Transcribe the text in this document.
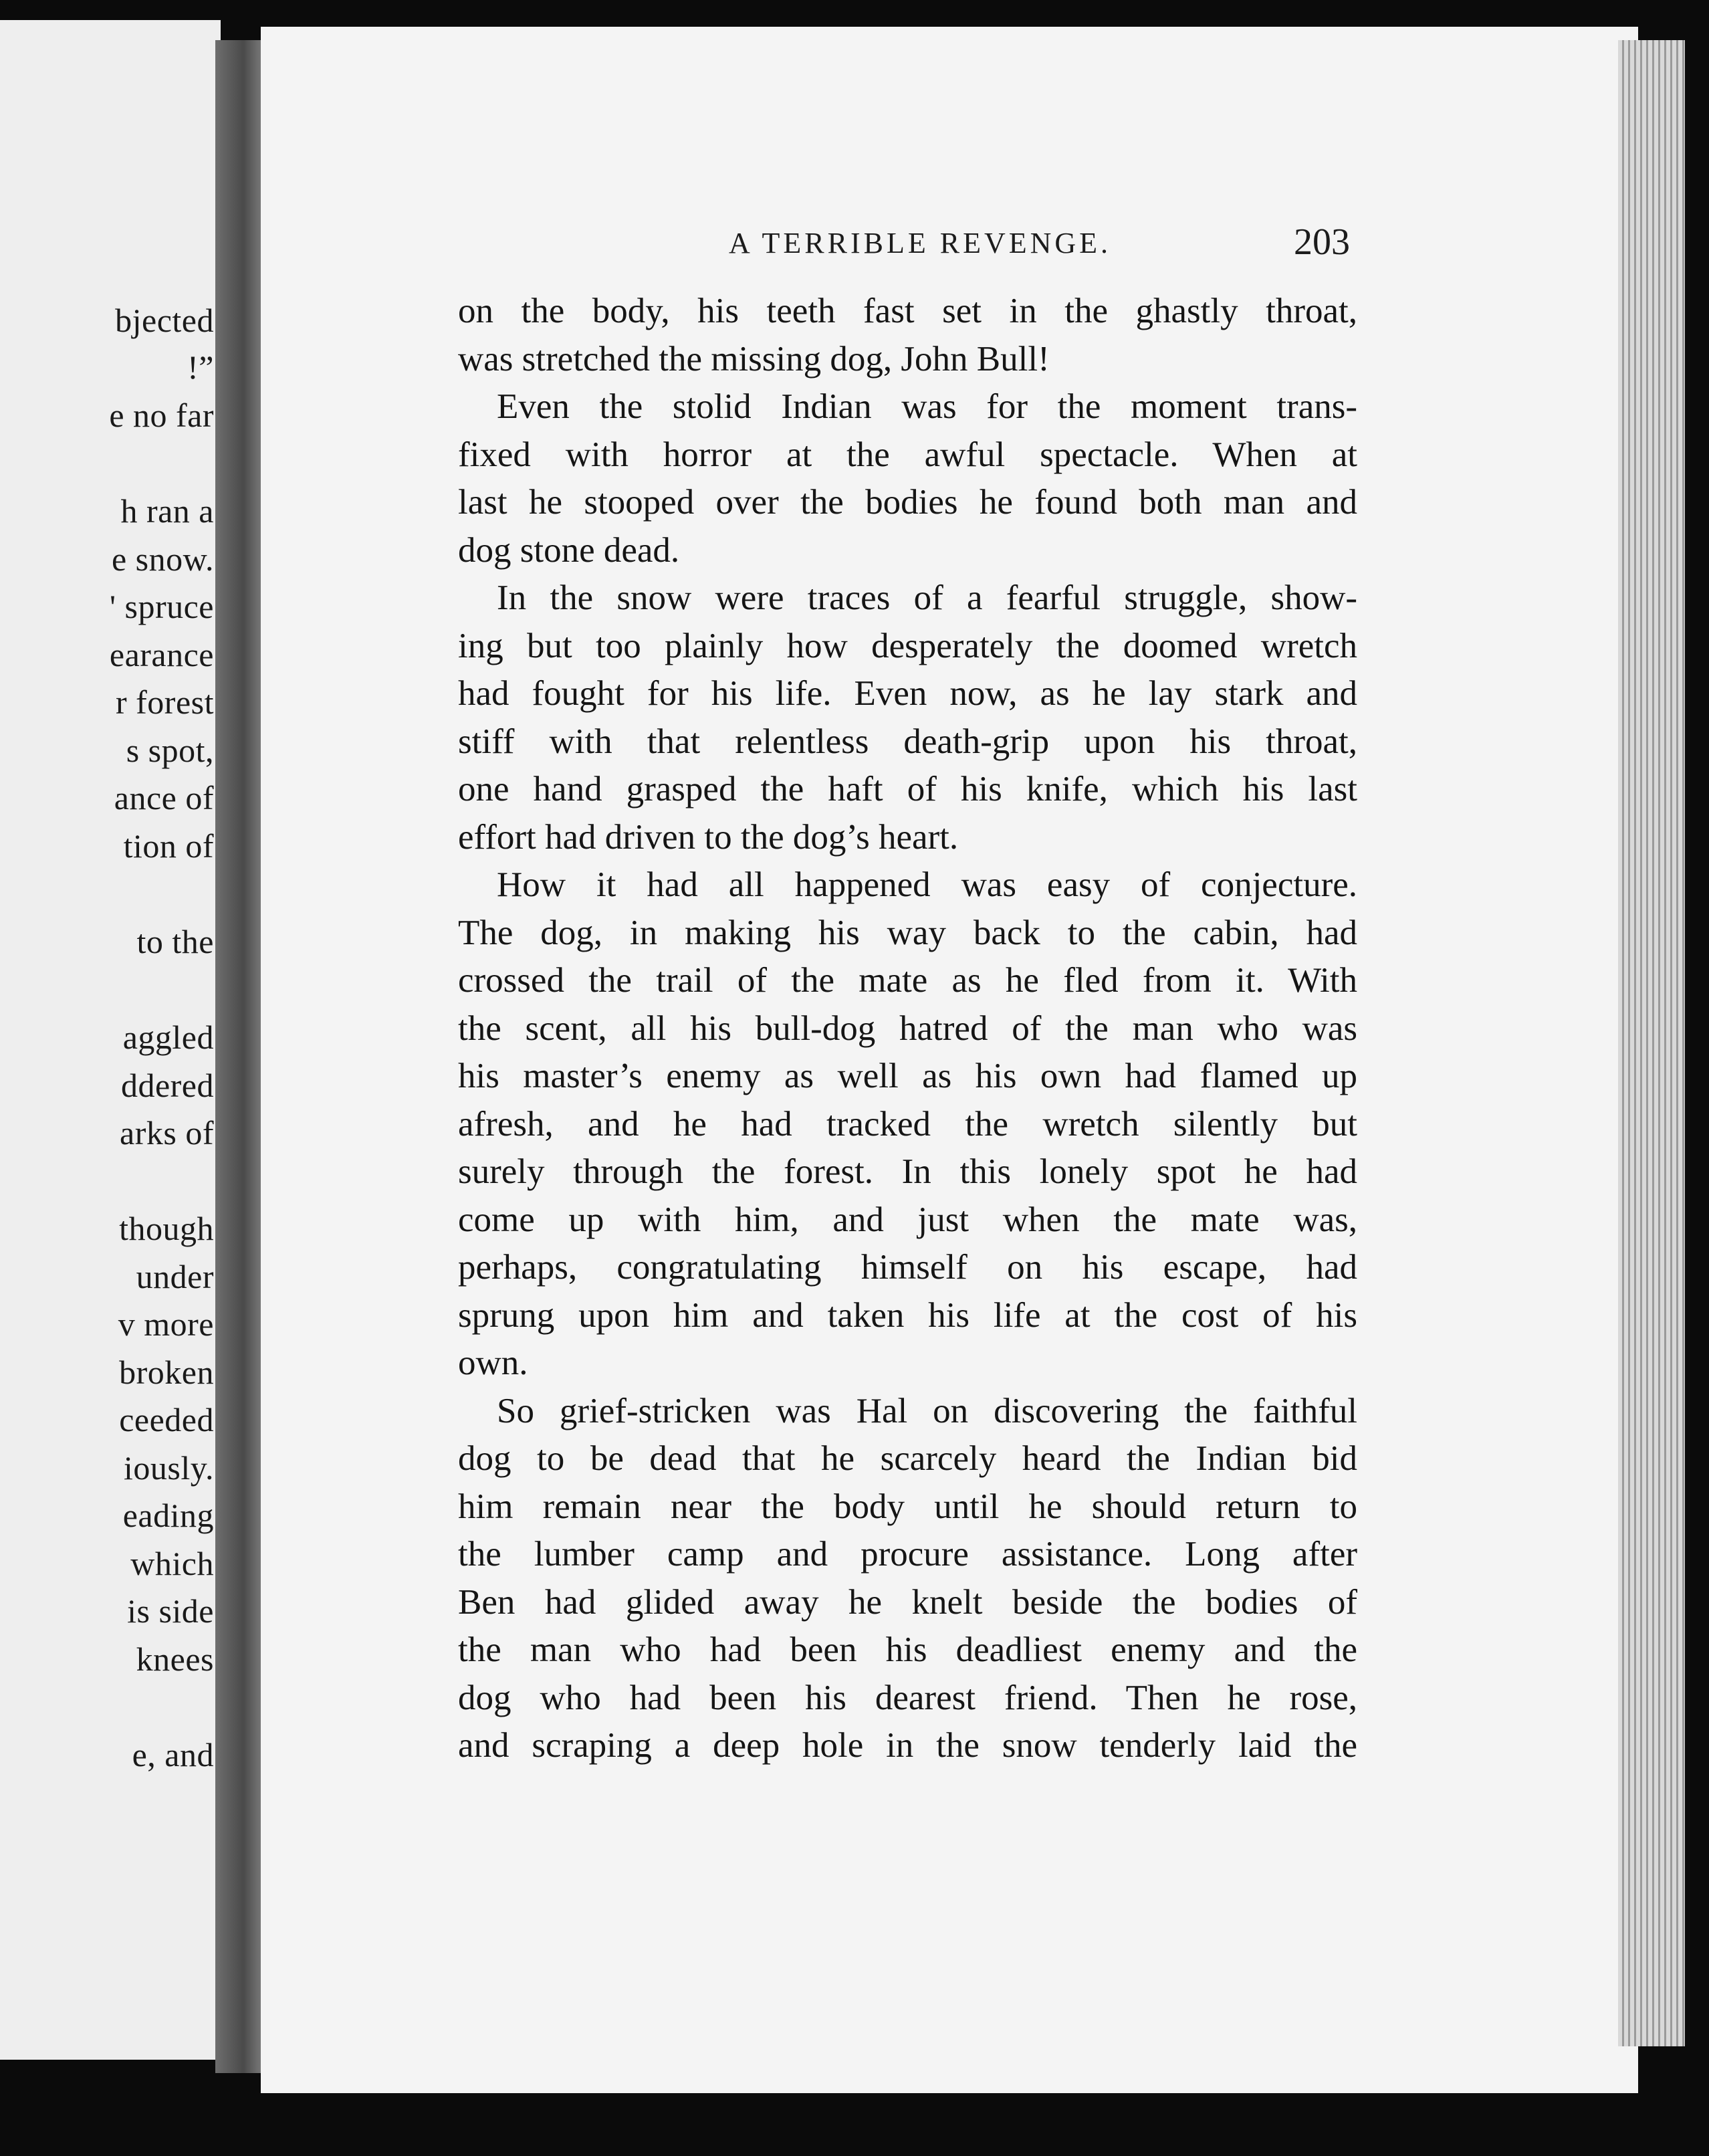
bjected
!”
e no far
h ran a
e snow.
' spruce
earance
r forest
s spot,
ance of
tion of
to the
aggled
ddered
arks of
though
under
v more
broken
ceeded
iously.
eading
which
is side
knees
e, and
A TERRIBLE REVENGE.	203
on the body, his teeth fast set in the ghastly throat,
was stretched the missing dog, John Bull!
Even the stolid Indian was for the moment trans-
fixed with horror at the awful spectacle. When at
last he stooped over the bodies he found both man and
dog stone dead.
In the snow were traces of a fearful struggle, show-
ing but too plainly how desperately the doomed wretch
had fought for his life. Even now, as he lay stark and
stiff with that relentless death-grip upon his throat,
one hand grasped the haft of his knife, which his last
effort had driven to the dog’s heart.
How it had all happened was easy of conjecture.
The dog, in making his way back to the cabin, had
crossed the trail of the mate as he fled from it. With
the scent, all his bull-dog hatred of the man who was
his master’s enemy as well as his own had flamed up
afresh, and he had tracked the wretch silently but
surely through the forest. In this lonely spot he had
come up with him, and just when the mate was,
perhaps, congratulating himself on his escape, had
sprung upon him and taken his life at the cost of his
own.
So grief-stricken was Hal on discovering the faithful
dog to be dead that he scarcely heard the Indian bid
him remain near the body until he should return to
the lumber camp and procure assistance. Long after
Ben had glided away he knelt beside the bodies of
the man who had been his deadliest enemy and the
dog who had been his dearest friend. Then he rose,
and scraping a deep hole in the snow tenderly laid the
